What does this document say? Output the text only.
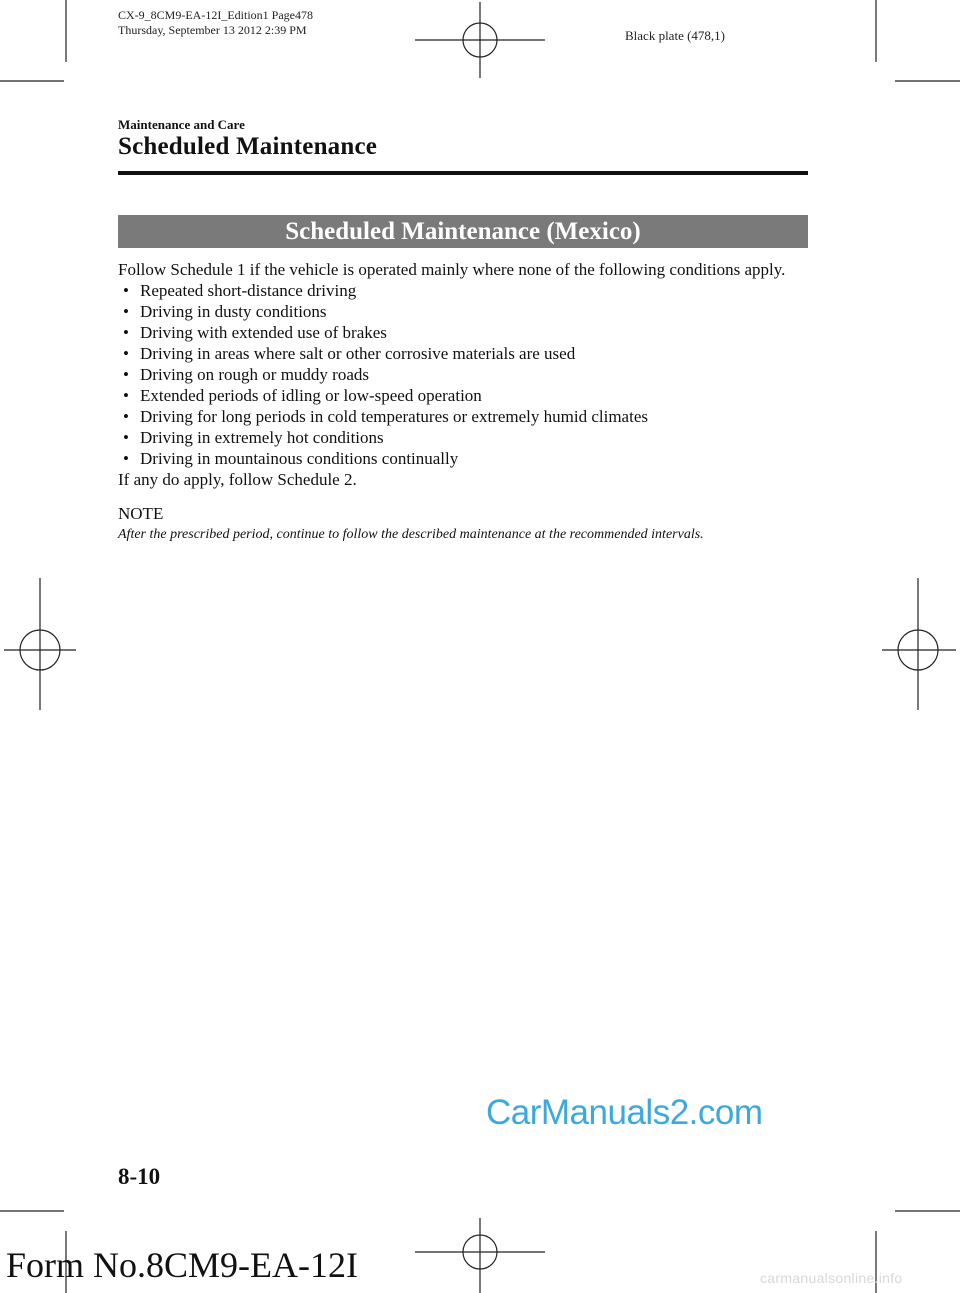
CX-9_8CM9-EA-12I_Edition1 Page478
Thursday, September 13 2012 2:39 PM	Black plate (478,1)
Maintenance and Care
Scheduled Maintenance
Scheduled Maintenance (Mexico)
Follow Schedule 1 if the vehicle is operated mainly where none of the following conditions apply.
• Repeated short-distance driving
• Driving in dusty conditions
• Driving with extended use of brakes
• Driving in areas where salt or other corrosive materials are used
• Driving on rough or muddy roads
• Extended periods of idling or low-speed operation
• Driving for long periods in cold temperatures or extremely humid climates
• Driving in extremely hot conditions
• Driving in mountainous conditions continually
If any do apply, follow Schedule 2.
NOTE
After the prescribed period, continue to follow the described maintenance at the recommended intervals.
CarManuals2.com
8-10
Form No.8CM9-EA-12I	carmanualsonline.info
